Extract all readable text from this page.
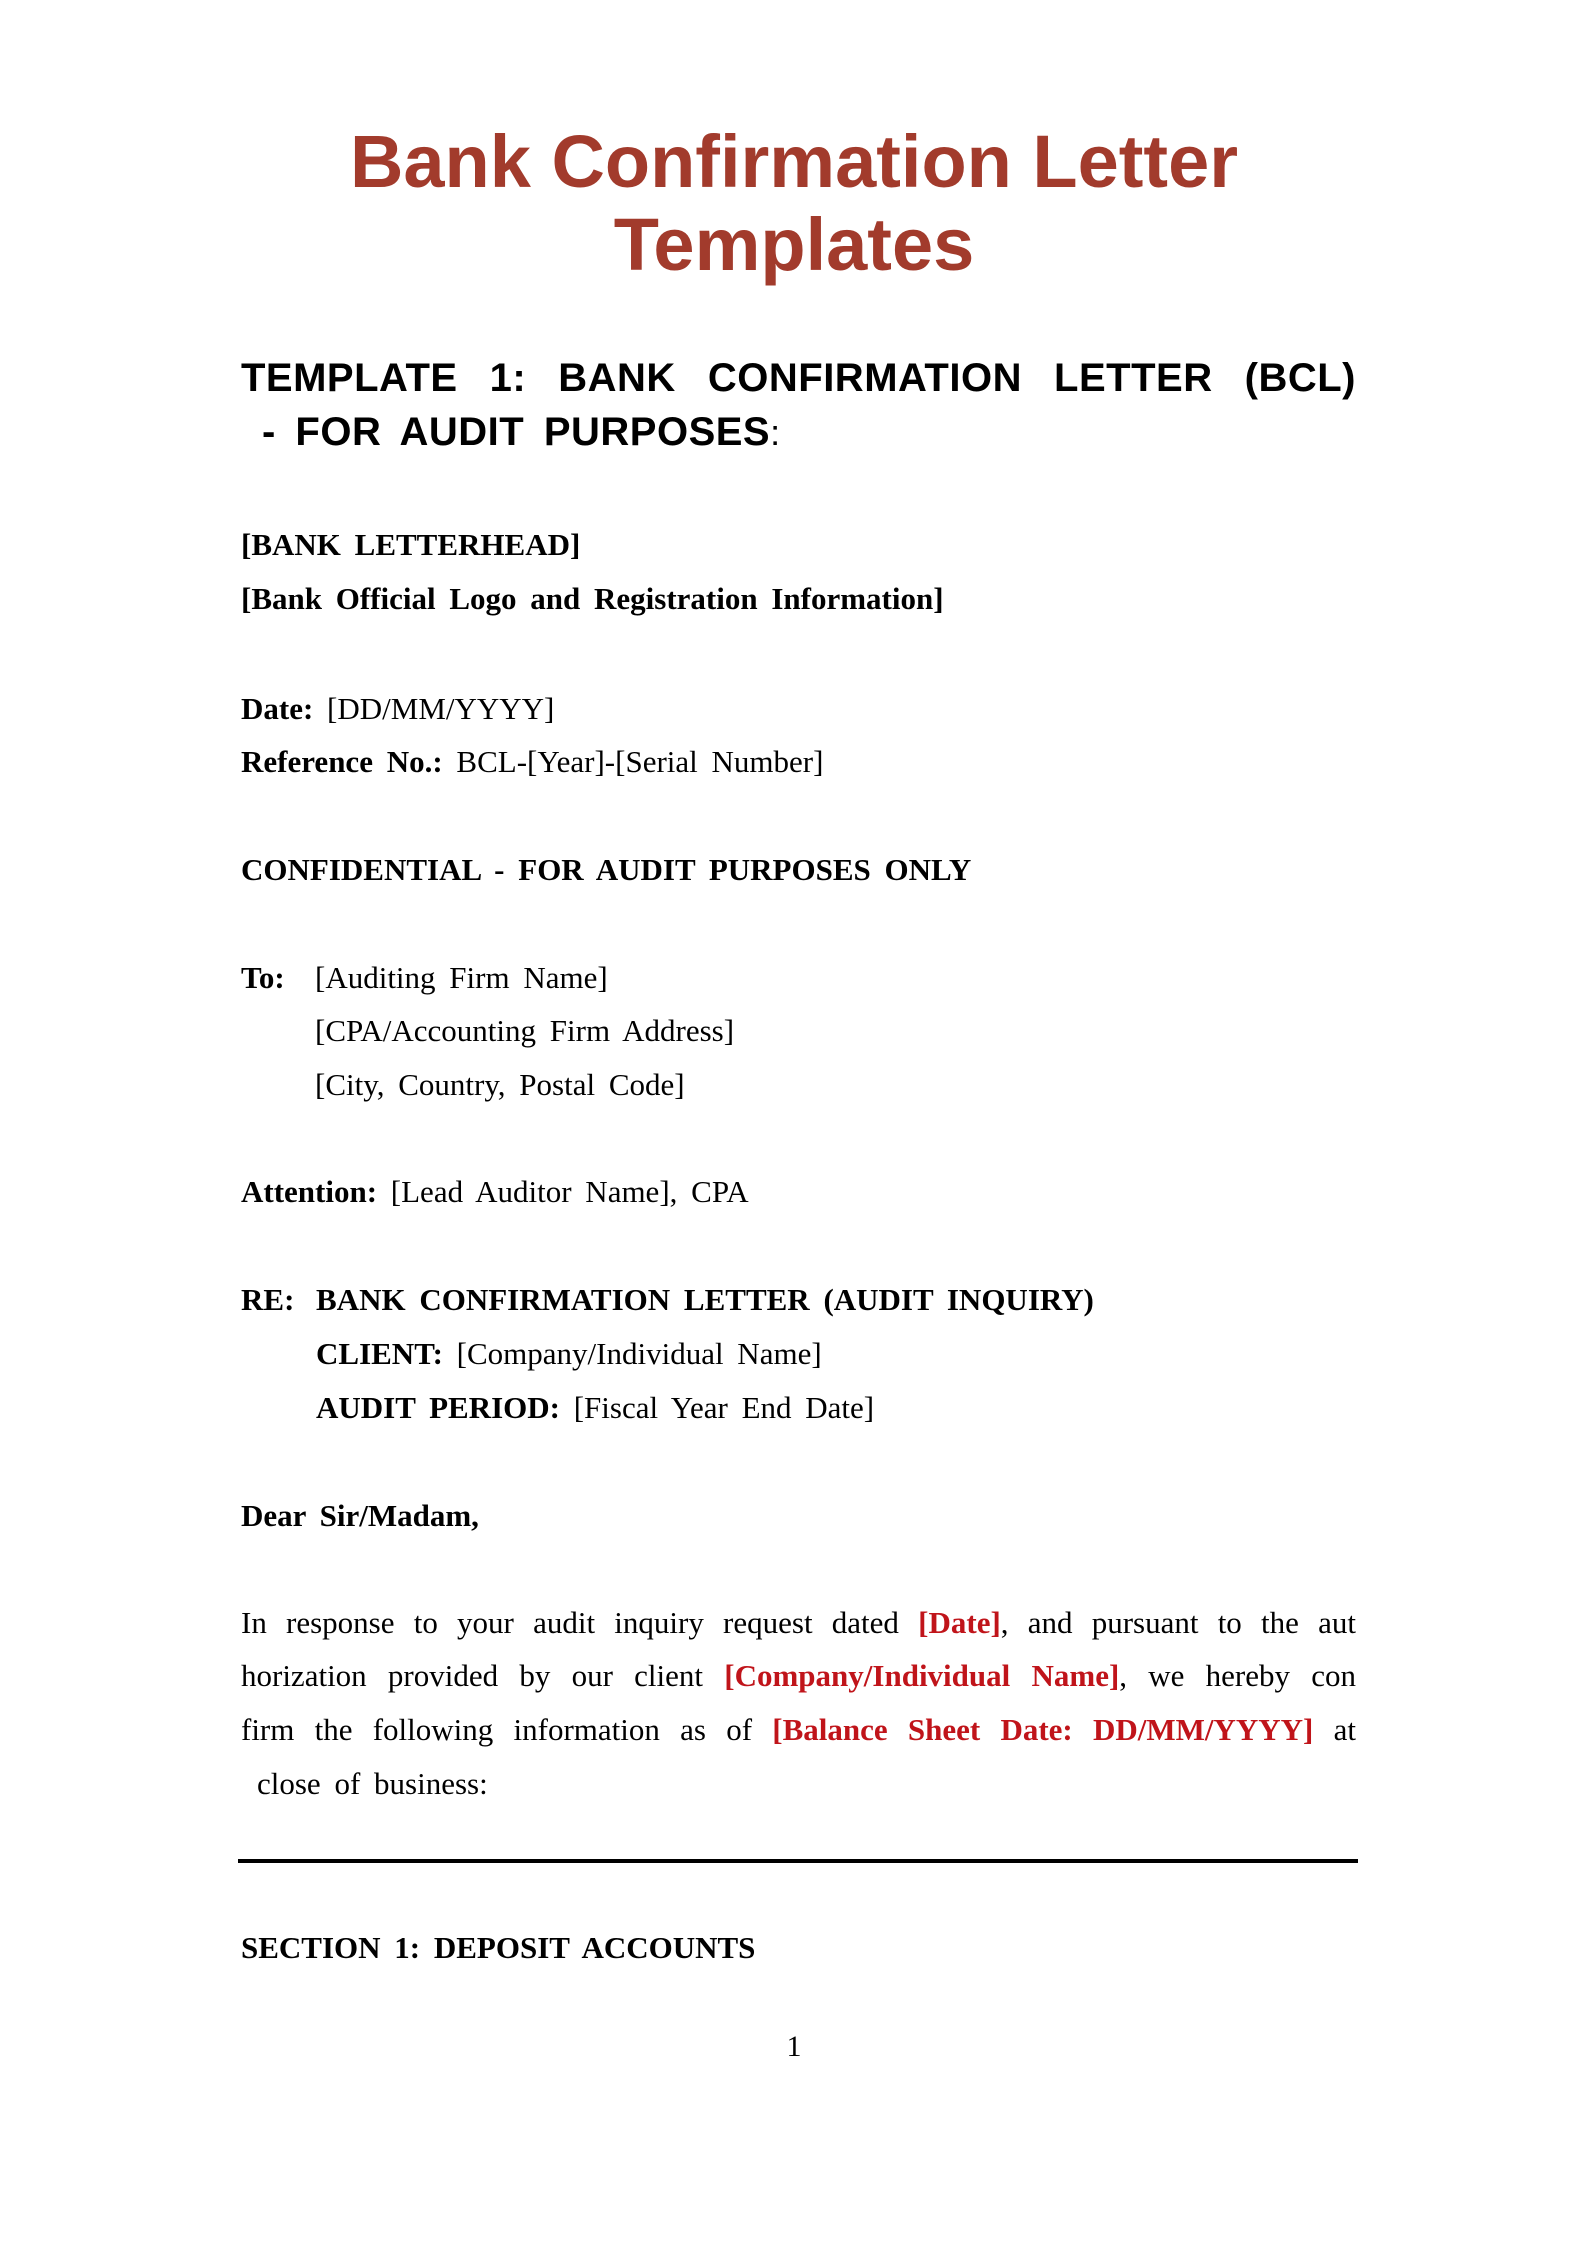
Bank Confirmation Letter
Templates
TEMPLATE 1: BANK CONFIRMATION LETTER (BCL)
- FOR AUDIT PURPOSES:
[BANK LETTERHEAD]
[Bank Official Logo and Registration Information]
Date: [DD/MM/YYYY]
Reference No.: BCL-[Year]-[Serial Number]
CONFIDENTIAL - FOR AUDIT PURPOSES ONLY
To: [Auditing Firm Name]
[CPA/Accounting Firm Address]
[City, Country, Postal Code]
Attention: [Lead Auditor Name], CPA
RE: BANK CONFIRMATION LETTER (AUDIT INQUIRY)
CLIENT: [Company/Individual Name]
AUDIT PERIOD: [Fiscal Year End Date]
Dear Sir/Madam,
In response to your audit inquiry request dated [Date], and pursuant to the aut
horization provided by our client [Company/Individual Name], we hereby con
firm the following information as of [Balance Sheet Date: DD/MM/YYYY] at
close of business:
SECTION 1: DEPOSIT ACCOUNTS
1
